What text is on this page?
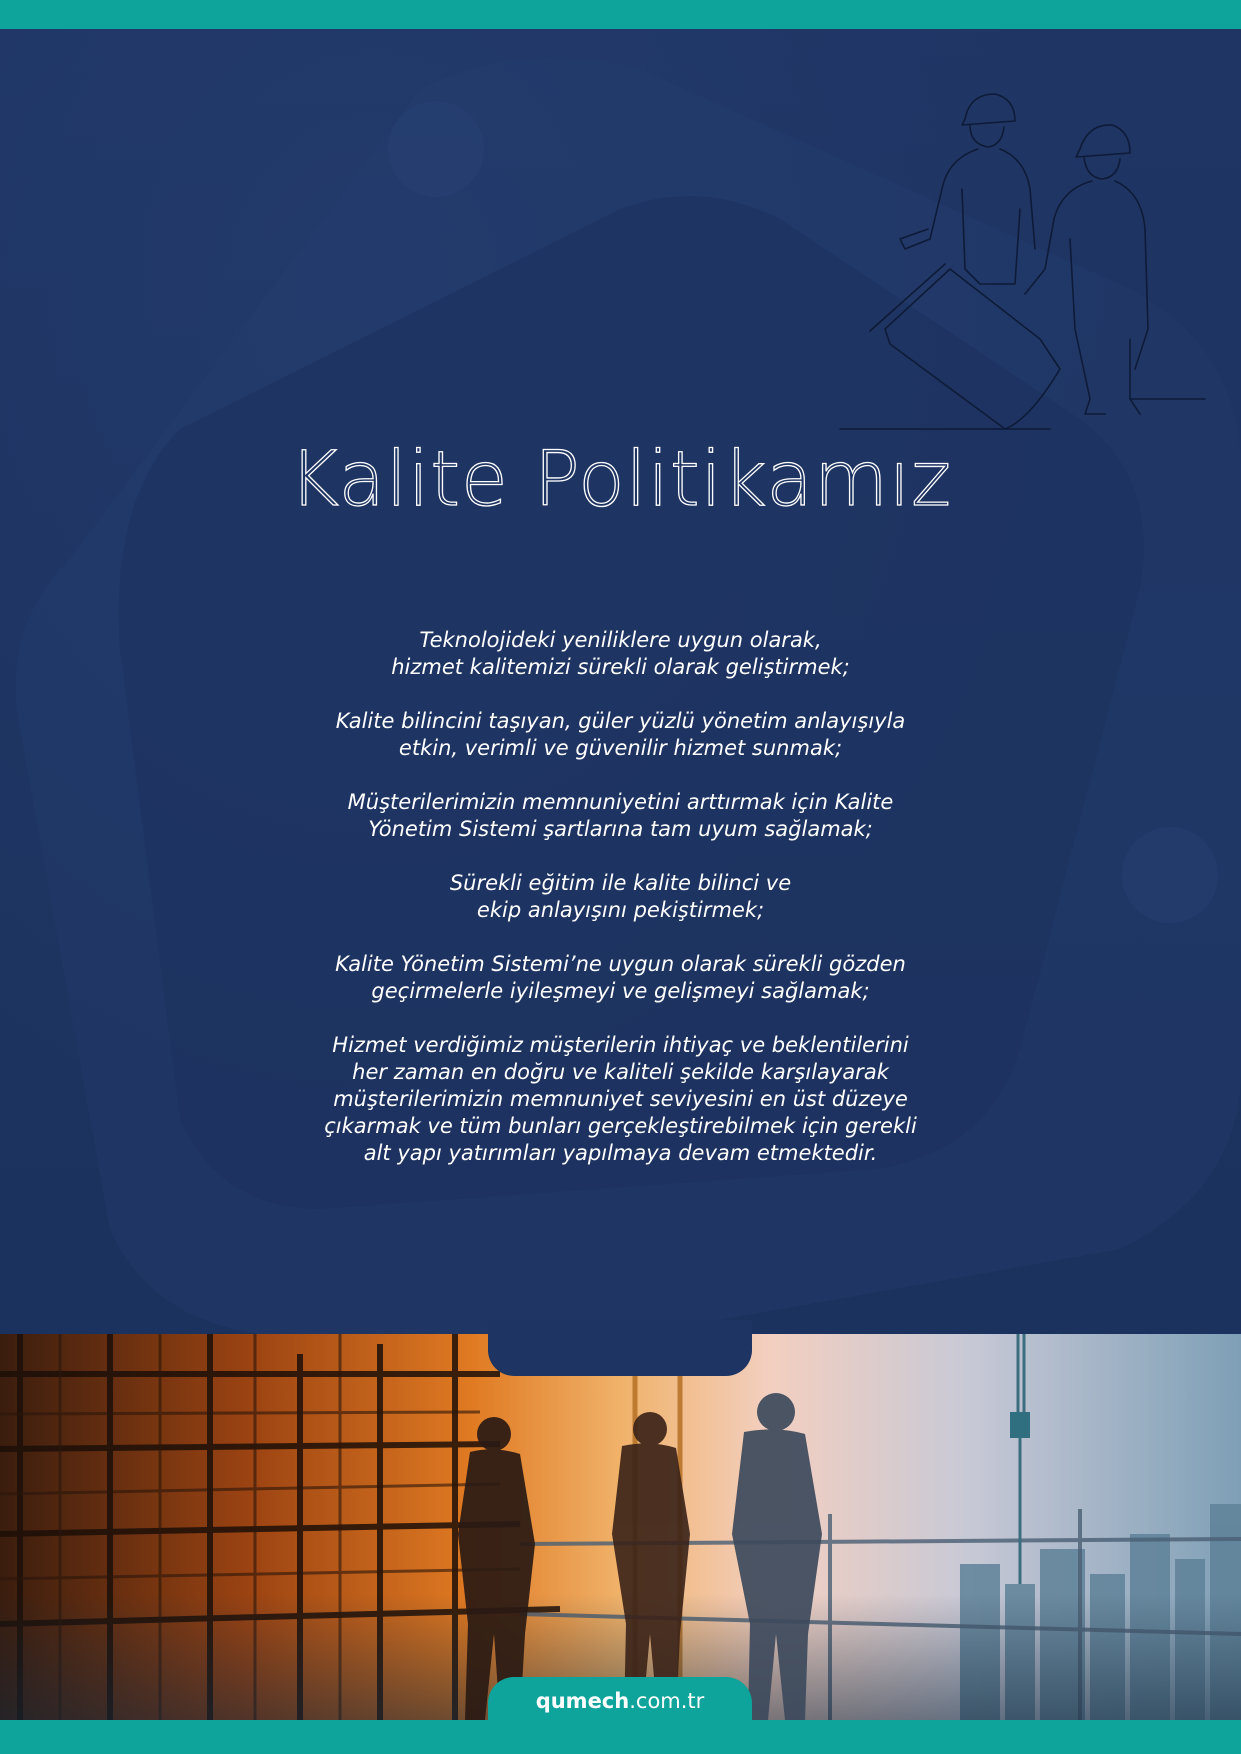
Kalite Politikamız

Teknolojideki yeniliklere uygun olarak,
hizmet kalitemizi sürekli olarak geliştirmek;

Kalite bilincini taşıyan, güler yüzlü yönetim anlayışıyla
etkin, verimli ve güvenilir hizmet sunmak;

Müşterilerimizin memnuniyetini arttırmak için Kalite
Yönetim Sistemi şartlarına tam uyum sağlamak;

Sürekli eğitim ile kalite bilinci ve
ekip anlayışını pekiştirmek;

Kalite Yönetim Sistemi’ne uygun olarak sürekli gözden
geçirmelerle iyileşmeyi ve gelişmeyi sağlamak;

Hizmet verdiğimiz müşterilerin ihtiyaç ve beklentilerini
her zaman en doğru ve kaliteli şekilde karşılayarak
müşterilerimizin memnuniyet seviyesini en üst düzeye
çıkarmak ve tüm bunları gerçekleştirebilmek için gerekli
alt yapı yatırımları yapılmaya devam etmektedir.

qumech.com.tr
